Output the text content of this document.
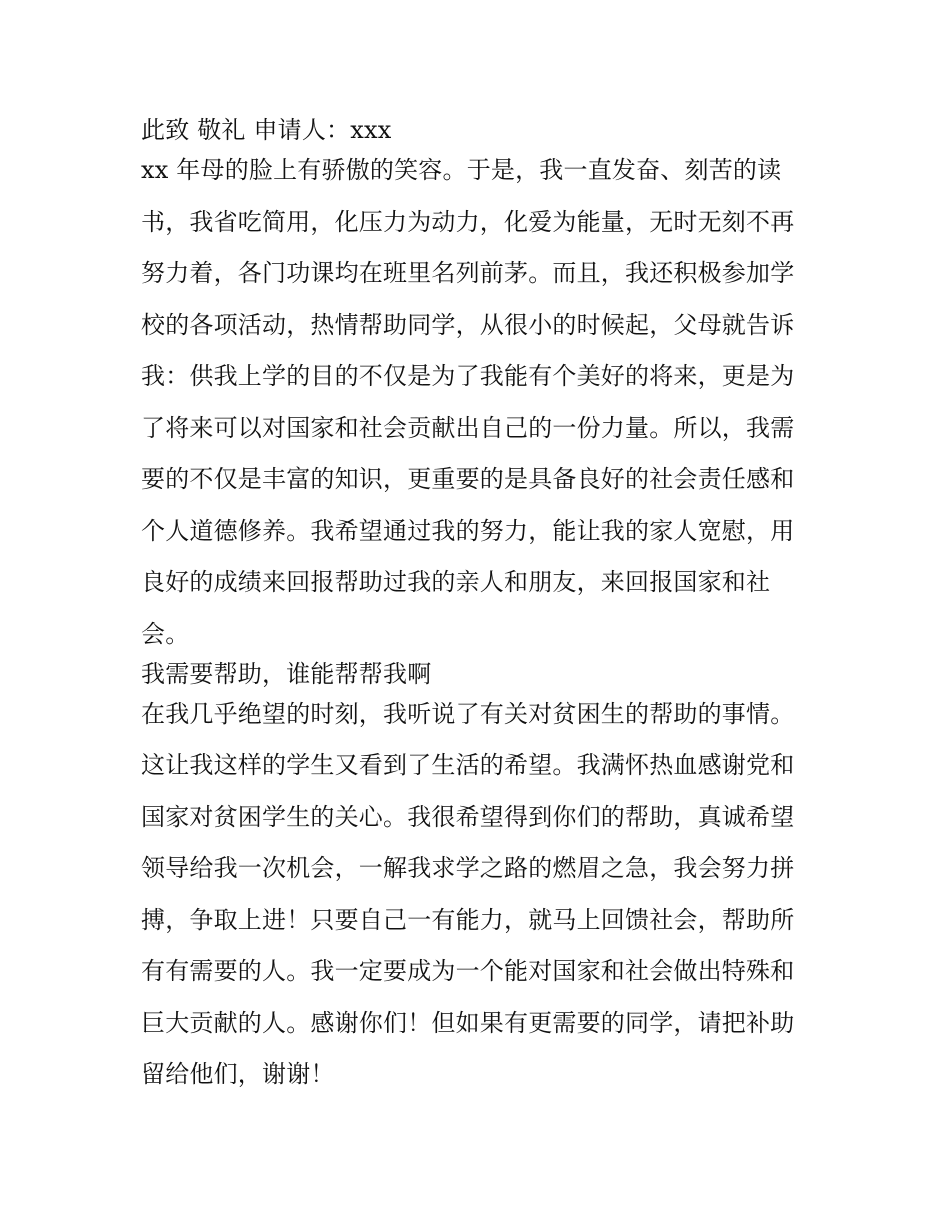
此致 敬礼 申请人：xxx
xx 年母的脸上有骄傲的笑容。于是，我一直发奋、刻苦的读
书，我省吃简用，化压力为动力，化爱为能量，无时无刻不再
努力着，各门功课均在班里名列前茅。而且，我还积极参加学
校的各项活动，热情帮助同学，从很小的时候起，父母就告诉
我：供我上学的目的不仅是为了我能有个美好的将来，更是为
了将来可以对国家和社会贡献出自己的一份力量。所以，我需
要的不仅是丰富的知识，更重要的是具备良好的社会责任感和
个人道德修养。我希望通过我的努力，能让我的家人宽慰，用
良好的成绩来回报帮助过我的亲人和朋友，来回报国家和社
会。
我需要帮助，谁能帮帮我啊
在我几乎绝望的时刻，我听说了有关对贫困生的帮助的事情。
这让我这样的学生又看到了生活的希望。我满怀热血感谢党和
国家对贫困学生的关心。我很希望得到你们的帮助，真诚希望
领导给我一次机会，一解我求学之路的燃眉之急，我会努力拼
搏，争取上进！只要自己一有能力，就马上回馈社会，帮助所
有有需要的人。我一定要成为一个能对国家和社会做出特殊和
巨大贡献的人。感谢你们！但如果有更需要的同学，请把补助
留给他们，谢谢！
